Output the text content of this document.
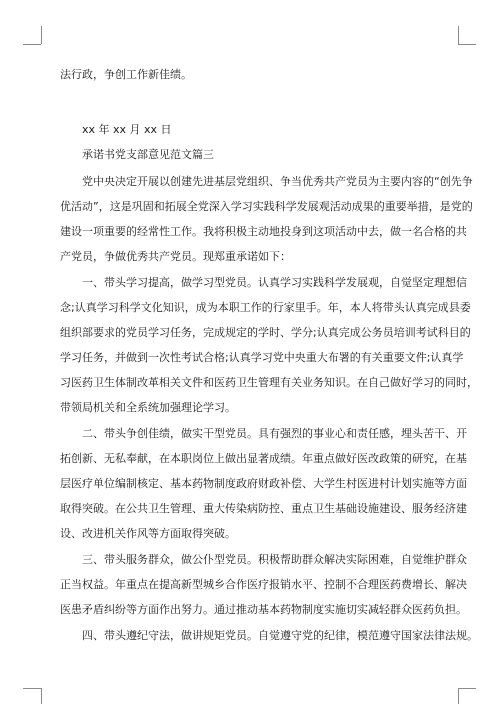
法行政，争创工作新佳绩。
xx 年 xx 月 xx 日
承诺书党支部意见范文篇三
党中央决定开展以创建先进基层党组织、争当优秀共产党员为主要内容的“创先争
优活动”，这是巩固和拓展全党深入学习实践科学发展观活动成果的重要举措，是党的
建设一项重要的经常性工作。我将积极主动地投身到这项活动中去，做一名合格的共
产党员，争做优秀共产党员。现郑重承诺如下：
一、带头学习提高，做学习型党员。认真学习实践科学发展观，自觉坚定理想信
念;认真学习科学文化知识，成为本职工作的行家里手。年，本人将带头认真完成县委
组织部要求的党员学习任务，完成规定的学时、学分;认真完成公务员培训考试科目的
学习任务，并做到一次性考试合格;认真学习党中央重大布署的有关重要文件;认真学
习医药卫生体制改革相关文件和医药卫生管理有关业务知识。在自己做好学习的同时，
带领局机关和全系统加强理论学习。
二、带头争创佳绩，做实干型党员。具有强烈的事业心和责任感，埋头苦干、开
拓创新、无私奉献，在本职岗位上做出显著成绩。年重点做好医改政策的研究，在基
层医疗单位编制核定、基本药物制度政府财政补偿、大学生村医进村计划实施等方面
取得突破。在公共卫生管理、重大传染病防控、重点卫生基础设施建设、服务经济建
设、改进机关作风等方面取得突破。
三、带头服务群众，做公仆型党员。积极帮助群众解决实际困难，自觉维护群众
正当权益。年重点在提高新型城乡合作医疗报销水平、控制不合理医药费增长、解决
医患矛盾纠纷等方面作出努力。通过推动基本药物制度实施切实减轻群众医药负担。
四、带头遵纪守法，做讲规矩党员。自觉遵守党的纪律，模范遵守国家法律法规。
